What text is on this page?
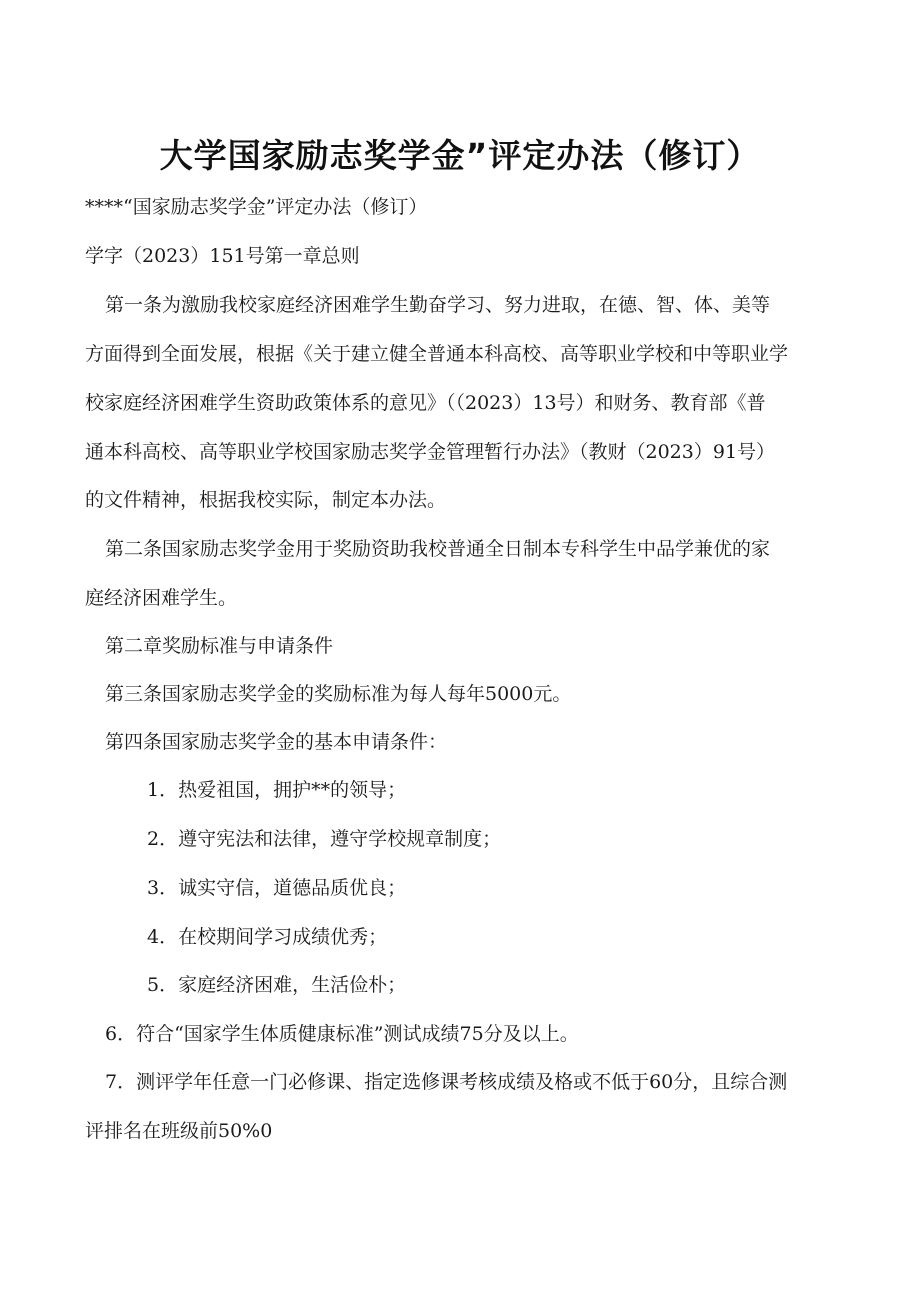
大学国家励志奖学金”评定办法（修订）

****“国家励志奖学金”评定办法（修订）

学字（2023）151号第一章总则

第一条为激励我校家庭经济困难学生勤奋学习、努力进取，在德、智、体、美等

方面得到全面发展，根据《关于建立健全普通本科高校、高等职业学校和中等职业学

校家庭经济困难学生资助政策体系的意见》（（2023）13号）和财务、教育部《普

通本科高校、高等职业学校国家励志奖学金管理暂行办法》（教财（2023）91号）

的文件精神，根据我校实际，制定本办法。

第二条国家励志奖学金用于奖励资助我校普通全日制本专科学生中品学兼优的家

庭经济困难学生。

第二章奖励标准与申请条件

第三条国家励志奖学金的奖励标准为每人每年5000元。

第四条国家励志奖学金的基本申请条件：

1．热爱祖国，拥护**的领导；

2．遵守宪法和法律，遵守学校规章制度；

3．诚实守信，道德品质优良；

4．在校期间学习成绩优秀；

5．家庭经济困难，生活俭朴；

6．符合“国家学生体质健康标准”测试成绩75分及以上。

7．测评学年任意一门必修课、指定选修课考核成绩及格或不低于60分，且综合测

评排名在班级前50%0
